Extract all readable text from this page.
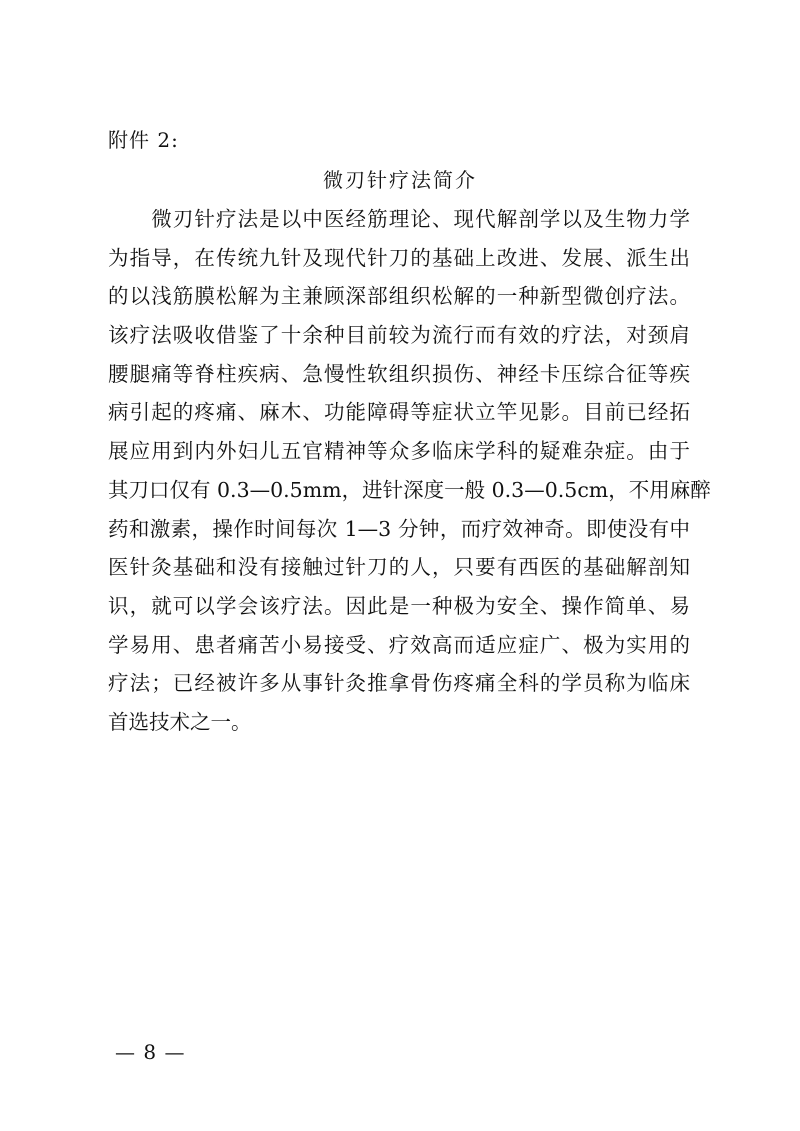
附件 2:
微刃针疗法简介
　　微刃针疗法是以中医经筋理论、现代解剖学以及生物力学
为指导，在传统九针及现代针刀的基础上改进、发展、派生出
的以浅筋膜松解为主兼顾深部组织松解的一种新型微创疗法。
该疗法吸收借鉴了十余种目前较为流行而有效的疗法，对颈肩
腰腿痛等脊柱疾病、急慢性软组织损伤、神经卡压综合征等疾
病引起的疼痛、麻木、功能障碍等症状立竿见影。目前已经拓
展应用到内外妇儿五官精神等众多临床学科的疑难杂症。由于
其刀口仅有 0.3—0.5mm，进针深度一般 0.3—0.5cm，不用麻醉
药和激素，操作时间每次 1—3 分钟，而疗效神奇。即使没有中
医针灸基础和没有接触过针刀的人，只要有西医的基础解剖知
识，就可以学会该疗法。因此是一种极为安全、操作简单、易
学易用、患者痛苦小易接受、疗效高而适应症广、极为实用的
疗法；已经被许多从事针灸推拿骨伤疼痛全科的学员称为临床
首选技术之一。
— 8 —
